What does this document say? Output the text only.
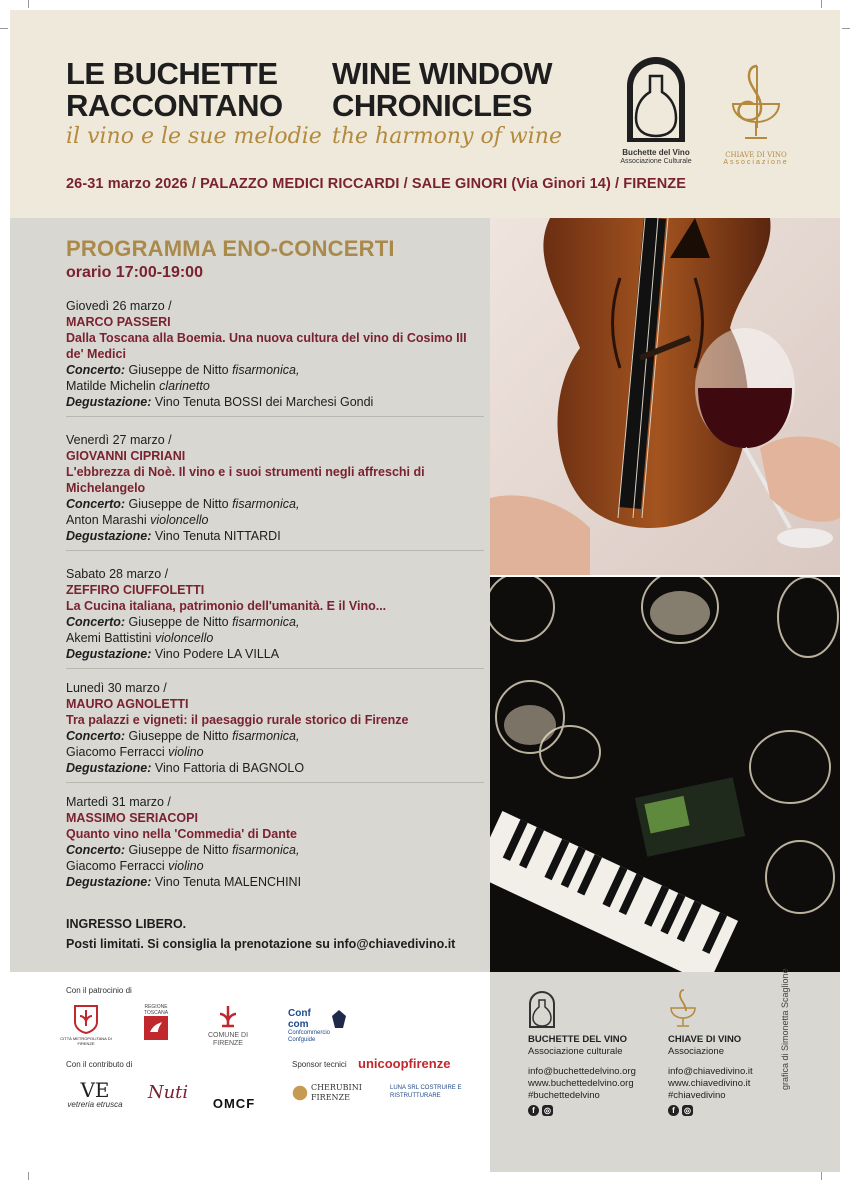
LE BUCHETTE
RACCONTANO
il vino e le sue melodie
WINE WINDOW
CHRONICLES
the harmony of wine
Buchette del Vino
Associazione Culturale
CHIAVE DI VINO
Associazione
26-31 marzo 2026 / PALAZZO MEDICI RICCARDI / SALE GINORI (Via Ginori 14) / FIRENZE
PROGRAMMA ENO-CONCERTI
orario 17:00-19:00
Giovedì 26 marzo /
MARCO PASSERI
Dalla Toscana alla Boemia. Una nuova cultura del vino di Cosimo III de' Medici
Concerto: Giuseppe de Nitto fisarmonica,
Matilde Michelin clarinetto
Degustazione: Vino Tenuta BOSSI dei Marchesi Gondi
Venerdì 27 marzo /
GIOVANNI CIPRIANI
L'ebbrezza di Noè. Il vino e i suoi strumenti negli affreschi di Michelangelo
Concerto: Giuseppe de Nitto fisarmonica,
Anton Marashi violoncello
Degustazione: Vino Tenuta NITTARDI
Sabato 28 marzo /
ZEFFIRO CIUFFOLETTI
La Cucina italiana, patrimonio dell'umanità. E il Vino...
Concerto: Giuseppe de Nitto fisarmonica,
Akemi Battistini violoncello
Degustazione: Vino Podere LA VILLA
Lunedì 30 marzo /
MAURO AGNOLETTI
Tra palazzi e vigneti: il paesaggio rurale storico di Firenze
Concerto: Giuseppe de Nitto fisarmonica,
Giacomo Ferracci violino
Degustazione: Vino Fattoria di BAGNOLO
Martedì 31 marzo /
MASSIMO SERIACOPI
Quanto vino nella 'Commedia' di Dante
Concerto: Giuseppe de Nitto fisarmonica,
Giacomo Ferracci violino
Degustazione: Vino Tenuta MALENCHINI
INGRESSO LIBERO.
Posti limitati. Si consiglia la prenotazione su info@chiavedivino.it
Con il patrocinio di
CITTÀ METROPOLITANA DI FIRENZE
REGIONE TOSCANA
COMUNE DI FIRENZE
Conf
com
Confcommercio Confguide
Con il contributo di	Sponsor tecnici unicoopfirenze
VE
vetreria etrusca
Nuti
OMCF
CHERUBINI FIRENZE
LUNA SRL COSTRUIRE E RISTRUTTURARE
BUCHETTE DEL VINO
Associazione culturale
info@buchettedelvino.org
www.buchettedelvino.org
#buchettedelvino
f ◎
CHIAVE DI VINO
Associazione
info@chiavedivino.it
www.chiavedivino.it
#chiavedivino
f ◎
grafica di Simonetta Scaglione
